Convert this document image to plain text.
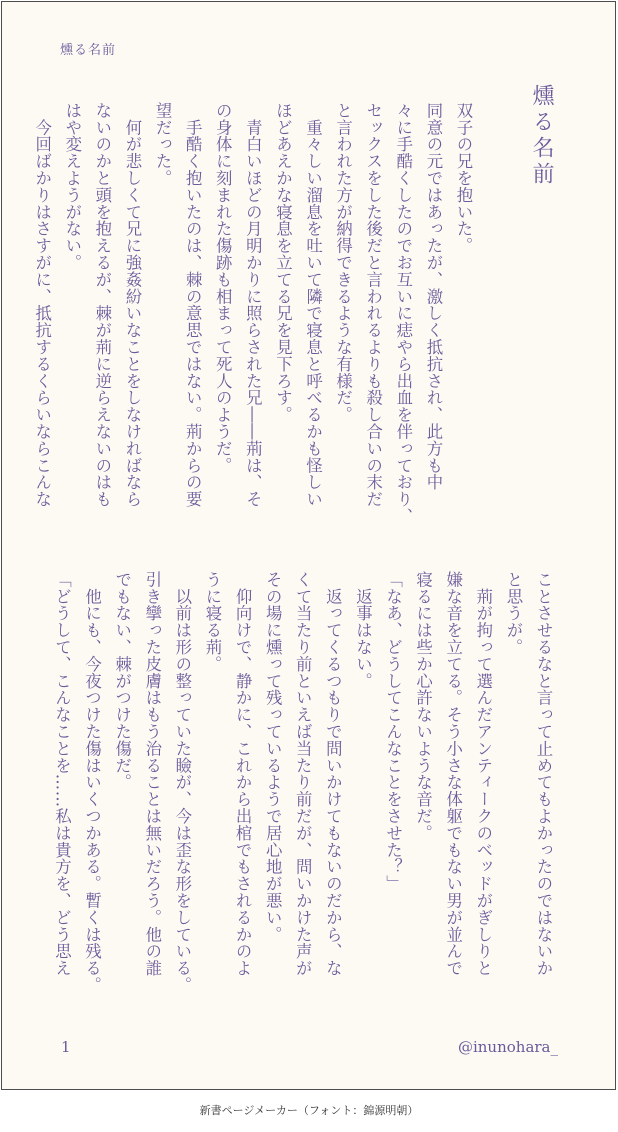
燻る名前
燻る名前
双子の兄を抱いた。
同意の元ではあったが、激しく抵抗され、此方も中
々に手酷くしたのでお互いに痣やら出血を伴っており、
セックスをした後だと言われるよりも殺し合いの末だ
と言われた方が納得できるような有様だ。
　重々しい溜息を吐いて隣で寝息と呼べるかも怪しい
ほどあえかな寝息を立てる兄を見下ろす。
　青白いほどの月明かりに照らされた兄――荊は、そ
の身体に刻まれた傷跡も相まって死人のようだ。
　手酷く抱いたのは、棘の意思ではない。荊からの要
望だった。
　何が悲しくて兄に強姦紛いなことをしなければなら
ないのかと頭を抱えるが、棘が荊に逆らえないのはも
はや変えようがない。
　今回ばかりはさすがに、抵抗するくらいならこんな
ことさせるなと言って止めてもよかったのではないか
と思うが。
　荊が拘って選んだアンティークのベッドがぎしりと
嫌な音を立てる。そう小さな体躯でもない男が並んで
寝るには些か心許ないような音だ。
「なあ、どうしてこんなことをさせた？」
　返事はない。
　返ってくるつもりで問いかけてもないのだから、な
くて当たり前といえば当たり前だが、問いかけた声が
その場に燻って残っているようで居心地が悪い。
　仰向けで、静かに、これから出棺でもされるかのよ
うに寝る荊。
　以前は形の整っていた瞼が、今は歪な形をしている。
引き攣った皮膚はもう治ることは無いだろう。他の誰
でもない、棘がつけた傷だ。
　他にも、今夜つけた傷はいくつかある。暫くは残る。
「どうして、こんなことを……私は貴方を、どう思え
1	@inunohara_
新書ページメーカー（フォント：錦源明朝）
